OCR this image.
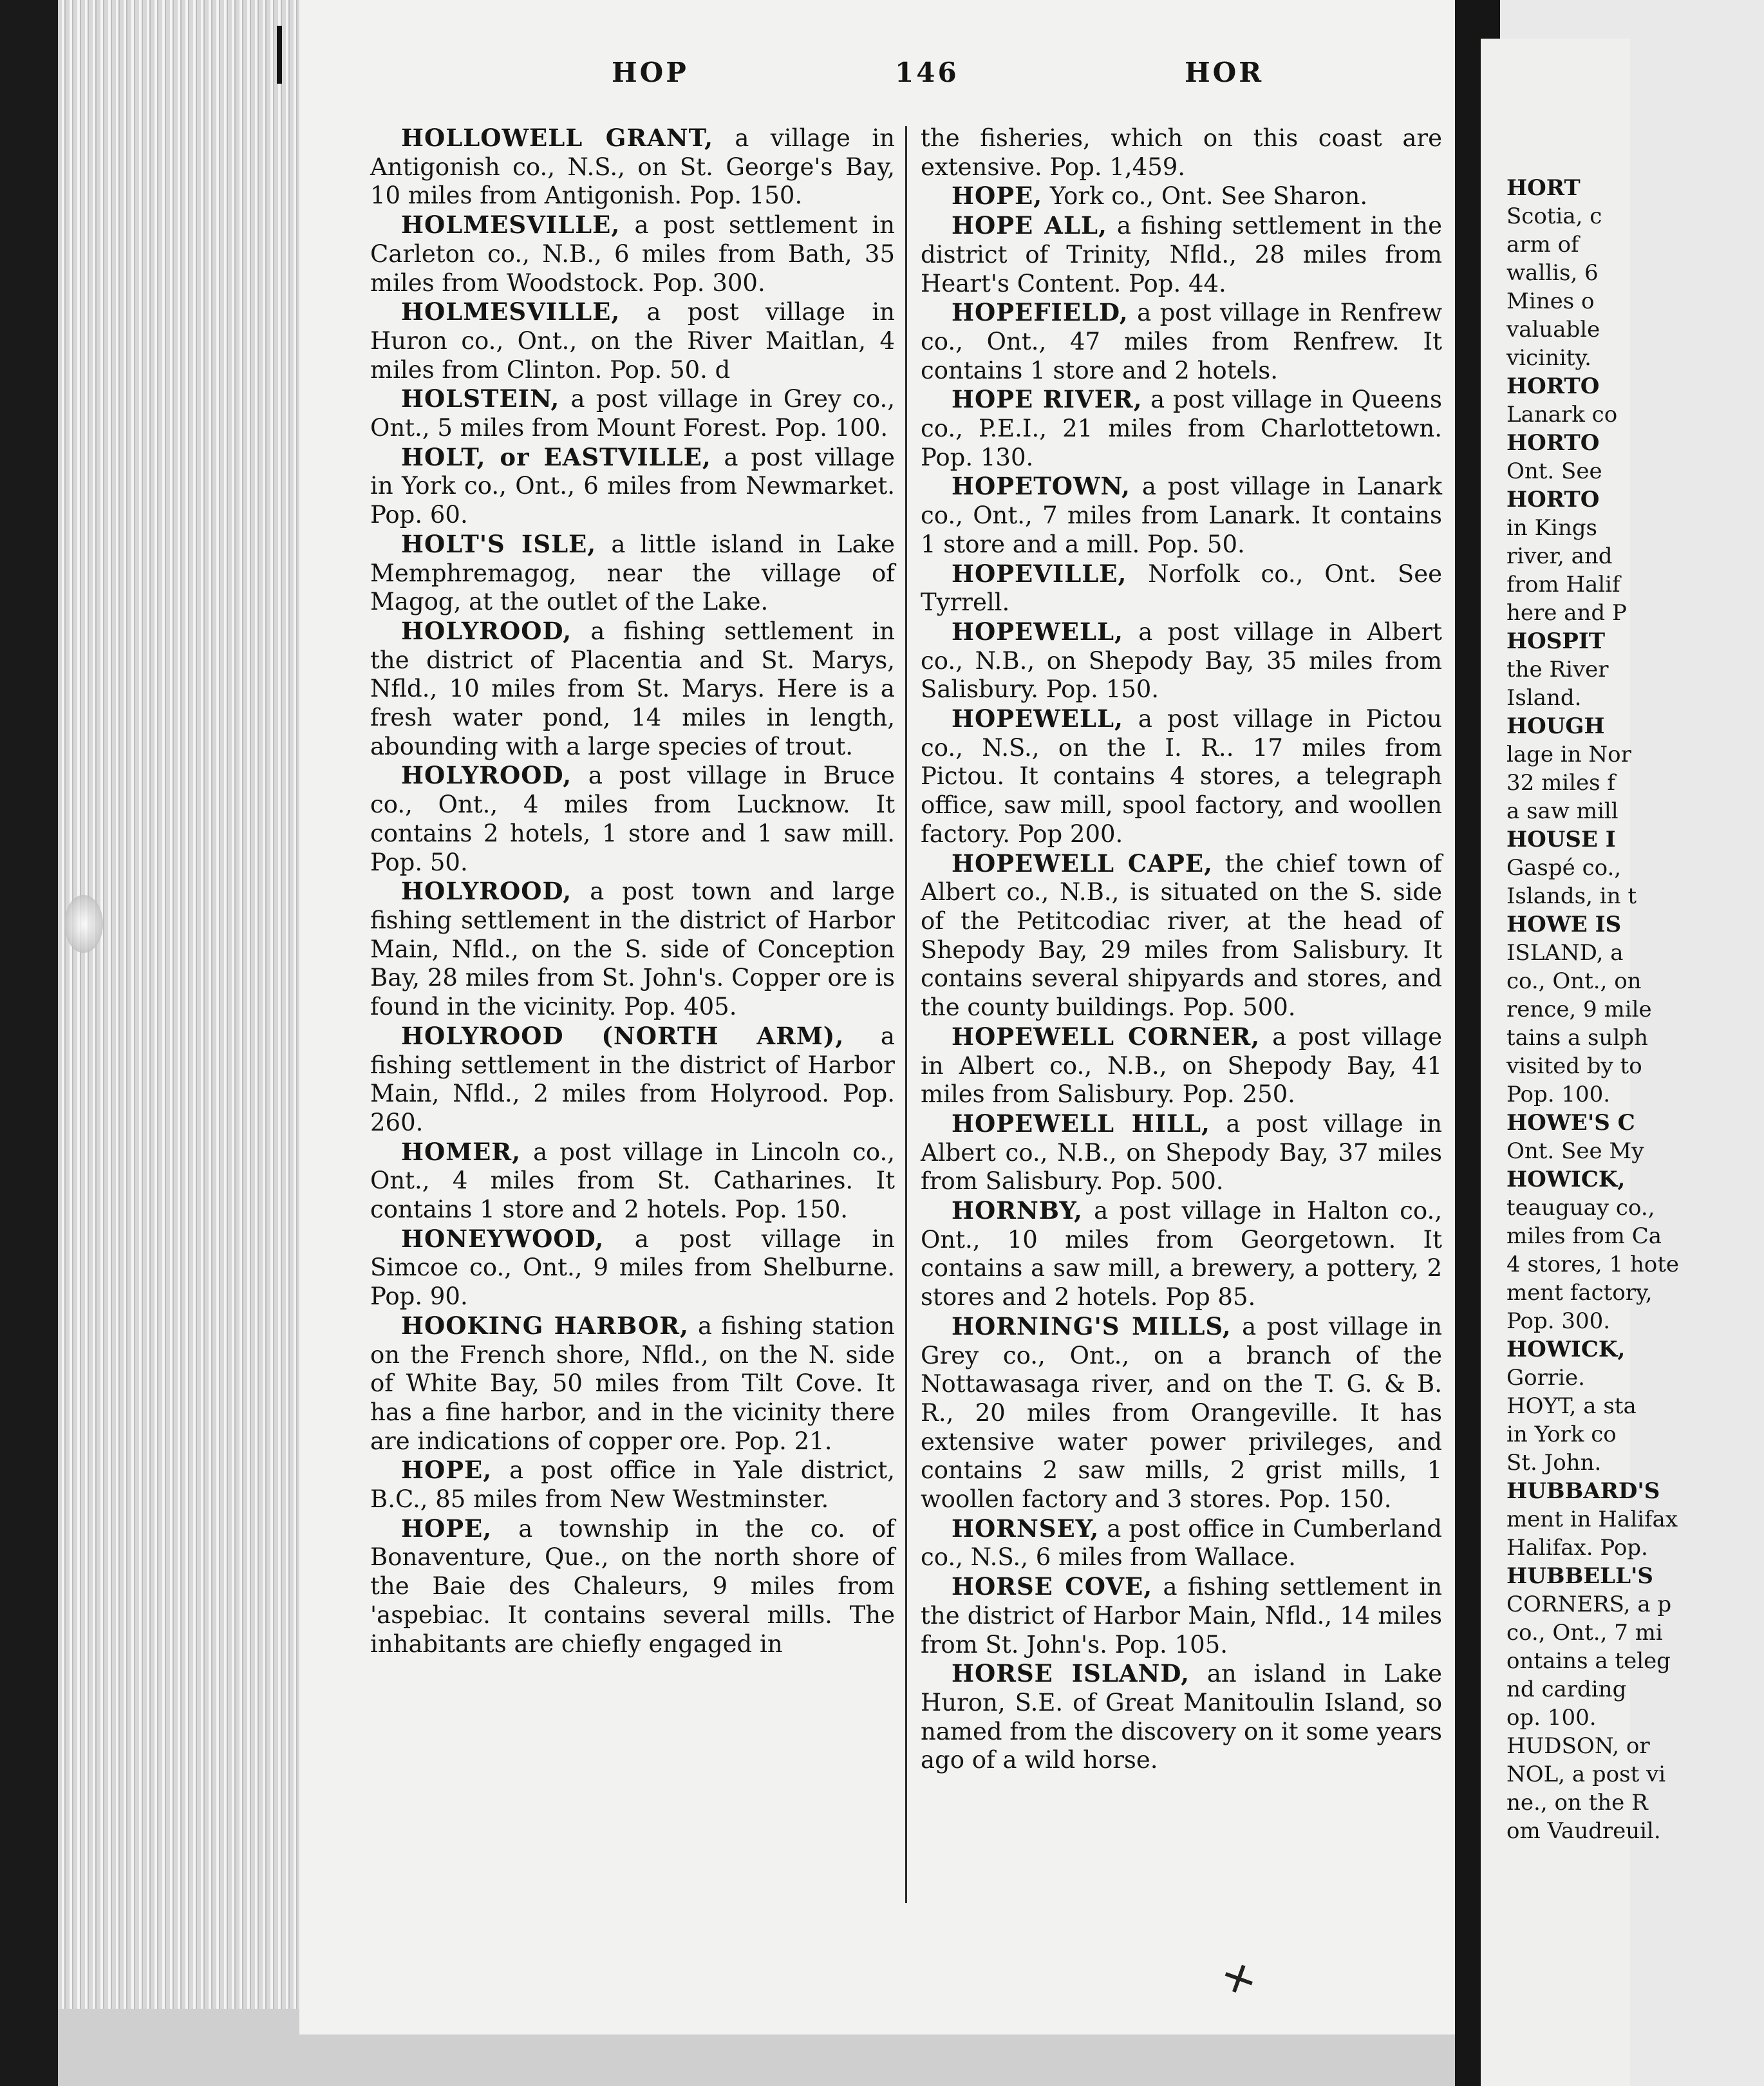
HOP	146	HOR

HOLLOWELL GRANT, a village in Antigonish co., N.S., on St. George's Bay, 10 miles from Antigonish. Pop. 150.

HOLMESVILLE, a post settlement in Carleton co., N.B., 6 miles from Bath, 35 miles from Woodstock. Pop. 300.

HOLMESVILLE, a post village in Huron co., Ont., on the River Maitlan, 4 miles from Clinton. Pop. 50. d

HOLSTEIN, a post village in Grey co., Ont., 5 miles from Mount Forest. Pop. 100.

HOLT, or EASTVILLE, a post village in York co., Ont., 6 miles from Newmarket. Pop. 60.

HOLT'S ISLE, a little island in Lake Memphremagog, near the village of Magog, at the outlet of the Lake.

HOLYROOD, a fishing settlement in the district of Placentia and St. Marys, Nfld., 10 miles from St. Marys. Here is a fresh water pond, 14 miles in length, abounding with a large species of trout.

HOLYROOD, a post village in Bruce co., Ont., 4 miles from Lucknow. It contains 2 hotels, 1 store and 1 saw mill. Pop. 50.

HOLYROOD, a post town and large fishing settlement in the district of Harbor Main, Nfld., on the S. side of Conception Bay, 28 miles from St. John's. Copper ore is found in the vicinity. Pop. 405.

HOLYROOD (NORTH ARM), a fishing settlement in the district of Harbor Main, Nfld., 2 miles from Holyrood. Pop. 260.

HOMER, a post village in Lincoln co., Ont., 4 miles from St. Catharines. It contains 1 store and 2 hotels. Pop. 150.

HONEYWOOD, a post village in Simcoe co., Ont., 9 miles from Shelburne. Pop. 90.

HOOKING HARBOR, a fishing station on the French shore, Nfld., on the N. side of White Bay, 50 miles from Tilt Cove. It has a fine harbor, and in the vicinity there are indications of copper ore. Pop. 21.

HOPE, a post office in Yale district, B.C., 85 miles from New Westminster.

HOPE, a township in the co. of Bonaventure, Que., on the north shore of the Baie des Chaleurs, 9 miles from 'aspebiac. It contains several mills. The inhabitants are chiefly engaged in

the fisheries, which on this coast are extensive. Pop. 1,459.

HOPE, York co., Ont. See Sharon.

HOPE ALL, a fishing settlement in the district of Trinity, Nfld., 28 miles from Heart's Content. Pop. 44.

HOPEFIELD, a post village in Renfrew co., Ont., 47 miles from Renfrew. It contains 1 store and 2 hotels.

HOPE RIVER, a post village in Queens co., P.E.I., 21 miles from Charlottetown. Pop. 130.

HOPETOWN, a post village in Lanark co., Ont., 7 miles from Lanark. It contains 1 store and a mill. Pop. 50.

HOPEVILLE, Norfolk co., Ont. See Tyrrell.

HOPEWELL, a post village in Albert co., N.B., on Shepody Bay, 35 miles from Salisbury. Pop. 150.

HOPEWELL, a post village in Pictou co., N.S., on the I. R.. 17 miles from Pictou. It contains 4 stores, a telegraph office, saw mill, spool factory, and woollen factory. Pop 200.

HOPEWELL CAPE, the chief town of Albert co., N.B., is situated on the S. side of the Petitcodiac river, at the head of Shepody Bay, 29 miles from Salisbury. It contains several shipyards and stores, and the county buildings. Pop. 500.

HOPEWELL CORNER, a post village in Albert co., N.B., on Shepody Bay, 41 miles from Salisbury. Pop. 250.

HOPEWELL HILL, a post village in Albert co., N.B., on Shepody Bay, 37 miles from Salisbury. Pop. 500.

HORNBY, a post village in Halton co., Ont., 10 miles from Georgetown. It contains a saw mill, a brewery, a pottery, 2 stores and 2 hotels. Pop 85.

HORNING'S MILLS, a post village in Grey co., Ont., on a branch of the Nottawasaga river, and on the T. G. & B. R., 20 miles from Orangeville. It has extensive water power privileges, and contains 2 saw mills, 2 grist mills, 1 woollen factory and 3 stores. Pop. 150.

HORNSEY, a post office in Cumberland co., N.S., 6 miles from Wallace.

HORSE COVE, a fishing settlement in the district of Harbor Main, Nfld., 14 miles from St. John's. Pop. 105.

HORSE ISLAND, an island in Lake Huron, S.E. of Great Manitoulin Island, so named from the discovery on it some years ago of a wild horse.

HORT
Scotia, c
arm of
wallis, 6
Mines o
valuable
vicinity.
HORTO
Lanark co
HORTO
Ont. See
HORTO
in Kings
river, and
from Halif
here and P
HOSPIT
the River
Island.
HOUGH
lage in Nor
32 miles f
a saw mill
HOUSE I
Gaspé co.,
Islands, in t
HOWE IS
ISLAND, a
co., Ont., on
rence, 9 mile
tains a sulph
visited by to
Pop. 100.
HOWE'S C
Ont. See My
HOWICK,
teauguay co.,
miles from Ca
4 stores, 1 hote
ment factory,
Pop. 300.
HOWICK,
Gorrie.
HOYT, a sta
in York co
St. John.
HUBBARD'S
ment in Halifax
Halifax. Pop.
HUBBELL'S
CORNERS, a p
co., Ont., 7 mi
ontains a teleg
nd carding
op. 100.
HUDSON, or
NOL, a post vi
ne., on the R
om Vaudreuil.
✕
